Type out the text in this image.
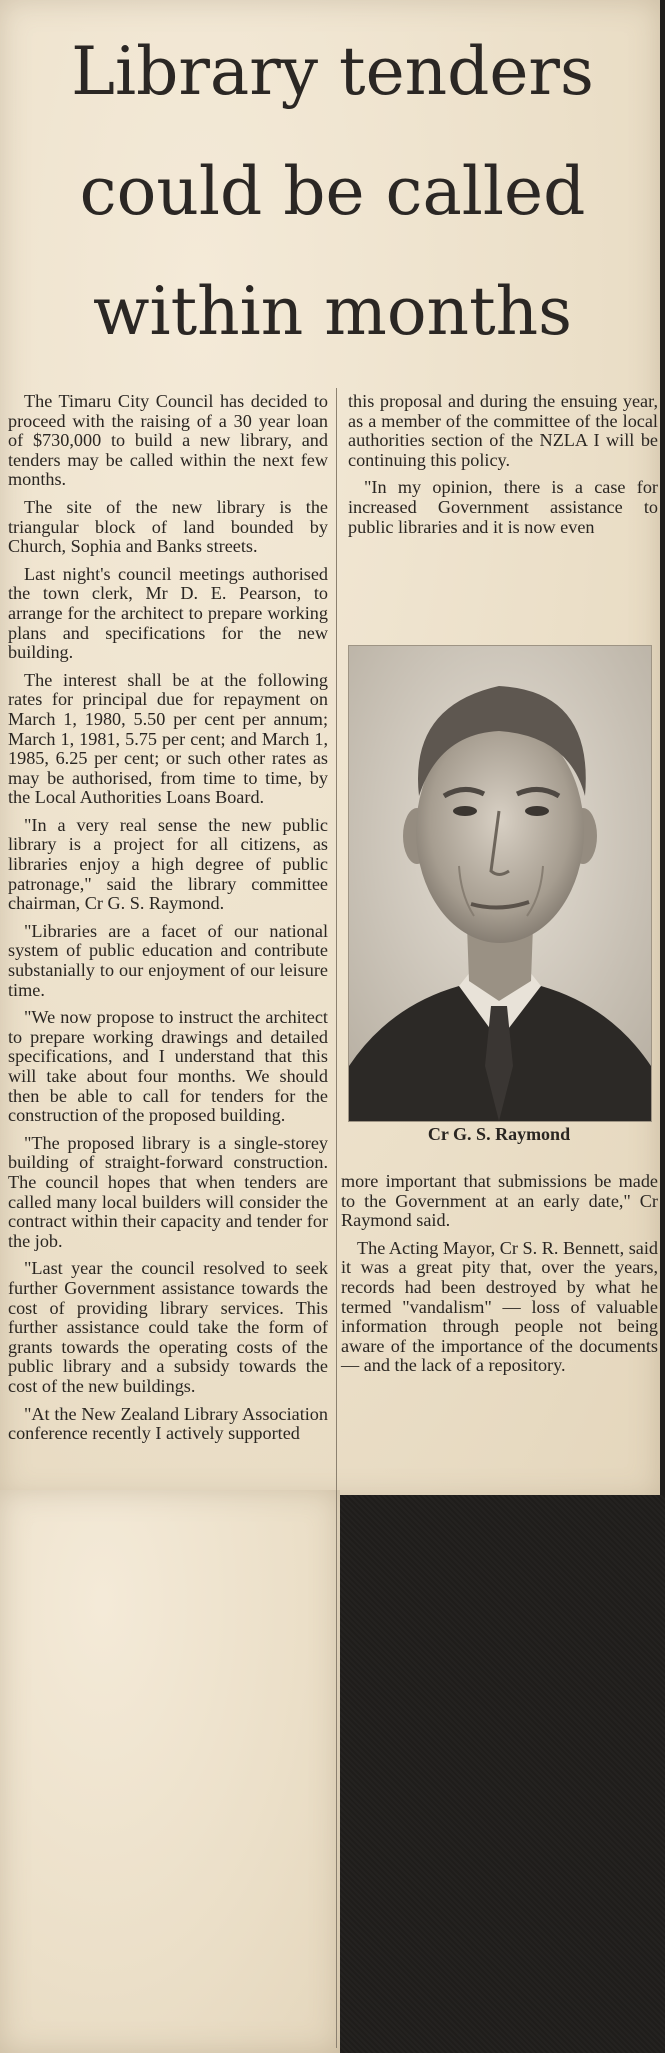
Library tenders
could be called
within months

The Timaru City Council has decided to proceed with the raising of a 30 year loan of $730,000 to build a new library, and tenders may be called within the next few months.

The site of the new library is the triangular block of land bounded by Church, Sophia and Banks streets.

Last night's council meetings authorised the town clerk, Mr D. E. Pearson, to arrange for the architect to prepare working plans and specifications for the new building.

The interest shall be at the following rates for principal due for repayment on March 1, 1980, 5.50 per cent per annum; March 1, 1981, 5.75 per cent; and March 1, 1985, 6.25 per cent; or such other rates as may be authorised, from time to time, by the Local Authorities Loans Board.

"In a very real sense the new public library is a project for all citizens, as libraries enjoy a high degree of public patronage," said the library committee chairman, Cr G. S. Raymond.

"Libraries are a facet of our national system of public education and contribute substanially to our enjoyment of our leisure time.

"We now propose to instruct the architect to prepare working drawings and detailed specifications, and I understand that this will take about four months. We should then be able to call for tenders for the construction of the proposed building.

"The proposed library is a single-storey building of straight-forward construction. The council hopes that when tenders are called many local builders will consider the contract within their capacity and tender for the job.

"Last year the council resolved to seek further Government assistance towards the cost of providing library services. This further assistance could take the form of grants towards the operating costs of the public library and a subsidy towards the cost of the new buildings.

"At the New Zealand Library Association conference recently I actively supported

this proposal and during the ensuing year, as a member of the committee of the local authorities section of the NZLA I will be continuing this policy.

"In my opinion, there is a case for increased Government assistance to public libraries and it is now even

Cr G. S. Raymond

more important that submissions be made to the Government at an early date," Cr Raymond said.

The Acting Mayor, Cr S. R. Bennett, said it was a great pity that, over the years, records had been destroyed by what he termed "vandalism" — loss of valuable information through people not being aware of the importance of the documents — and the lack of a repository.
